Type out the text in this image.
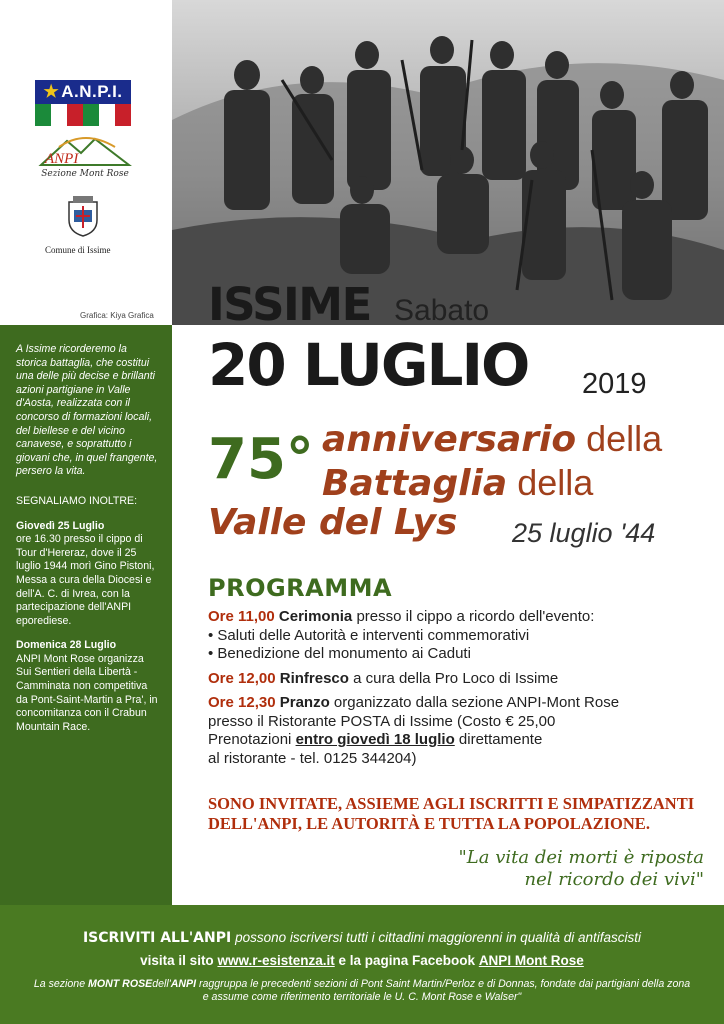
★ A.N.P.I.
ANPI
Sezione Mont Rose
Comune di Issime
Grafica: Kiya Grafica
A Issime ricorderemo la storica battaglia, che costitui una delle più decise e brillanti azioni partigiane in Valle d'Aosta, realizzata con il concorso di formazioni locali, del biellese e del vicino canavese, e soprattutto i giovani che, in quel frangente, persero la vita.
SEGNALIAMO INOLTRE:
Giovedì 25 Luglio
ore 16.30 presso il cippo di Tour d'Hereraz, dove il 25 luglio 1944 morì Gino Pistoni, Messa a cura della Diocesi e dell'A. C. di Ivrea, con la partecipazione dell'ANPI eporediese.
Domenica 28 Luglio
ANPI Mont Rose organizza Sui Sentieri della Libertà - Camminata non competitiva da Pont-Saint-Martin a Pra', in concomitanza con il Crabun Mountain Race.
ISSIME Sabato
20 LUGLIO 2019
75° anniversario della
Battaglia della
Valle del Lys 25 luglio '44
PROGRAMMA
Ore 11,00 Cerimonia presso il cippo a ricordo dell'evento:
• Saluti delle Autorità e interventi commemorativi
• Benedizione del monumento ai Caduti
Ore 12,00 Rinfresco a cura della Pro Loco di Issime
Ore 12,30 Pranzo organizzato dalla sezione ANPI-Mont Rose
presso il Ristorante POSTA di Issime (Costo € 25,00
Prenotazioni entro giovedì 18 luglio direttamente
al ristorante - tel. 0125 344204)
SONO INVITATE, ASSIEME AGLI ISCRITTI E SIMPATIZZANTI
DELL'ANPI, LE AUTORITÀ E TUTTA LA POPOLAZIONE.
"La vita dei morti è riposta
nel ricordo dei vivi"
ISCRIVITI ALL'ANPI possono iscriversi tutti i cittadini maggiorenni in qualità di antifascisti
visita il sito www.r-esistenza.it e la pagina Facebook ANPI Mont Rose
La sezione MONT ROSEdell'ANPI raggruppa le precedenti sezioni di Pont Saint Martin/Perloz e di Donnas, fondate dai partigiani della zona e assume come riferimento territoriale le U. C. Mont Rose e Walser"
